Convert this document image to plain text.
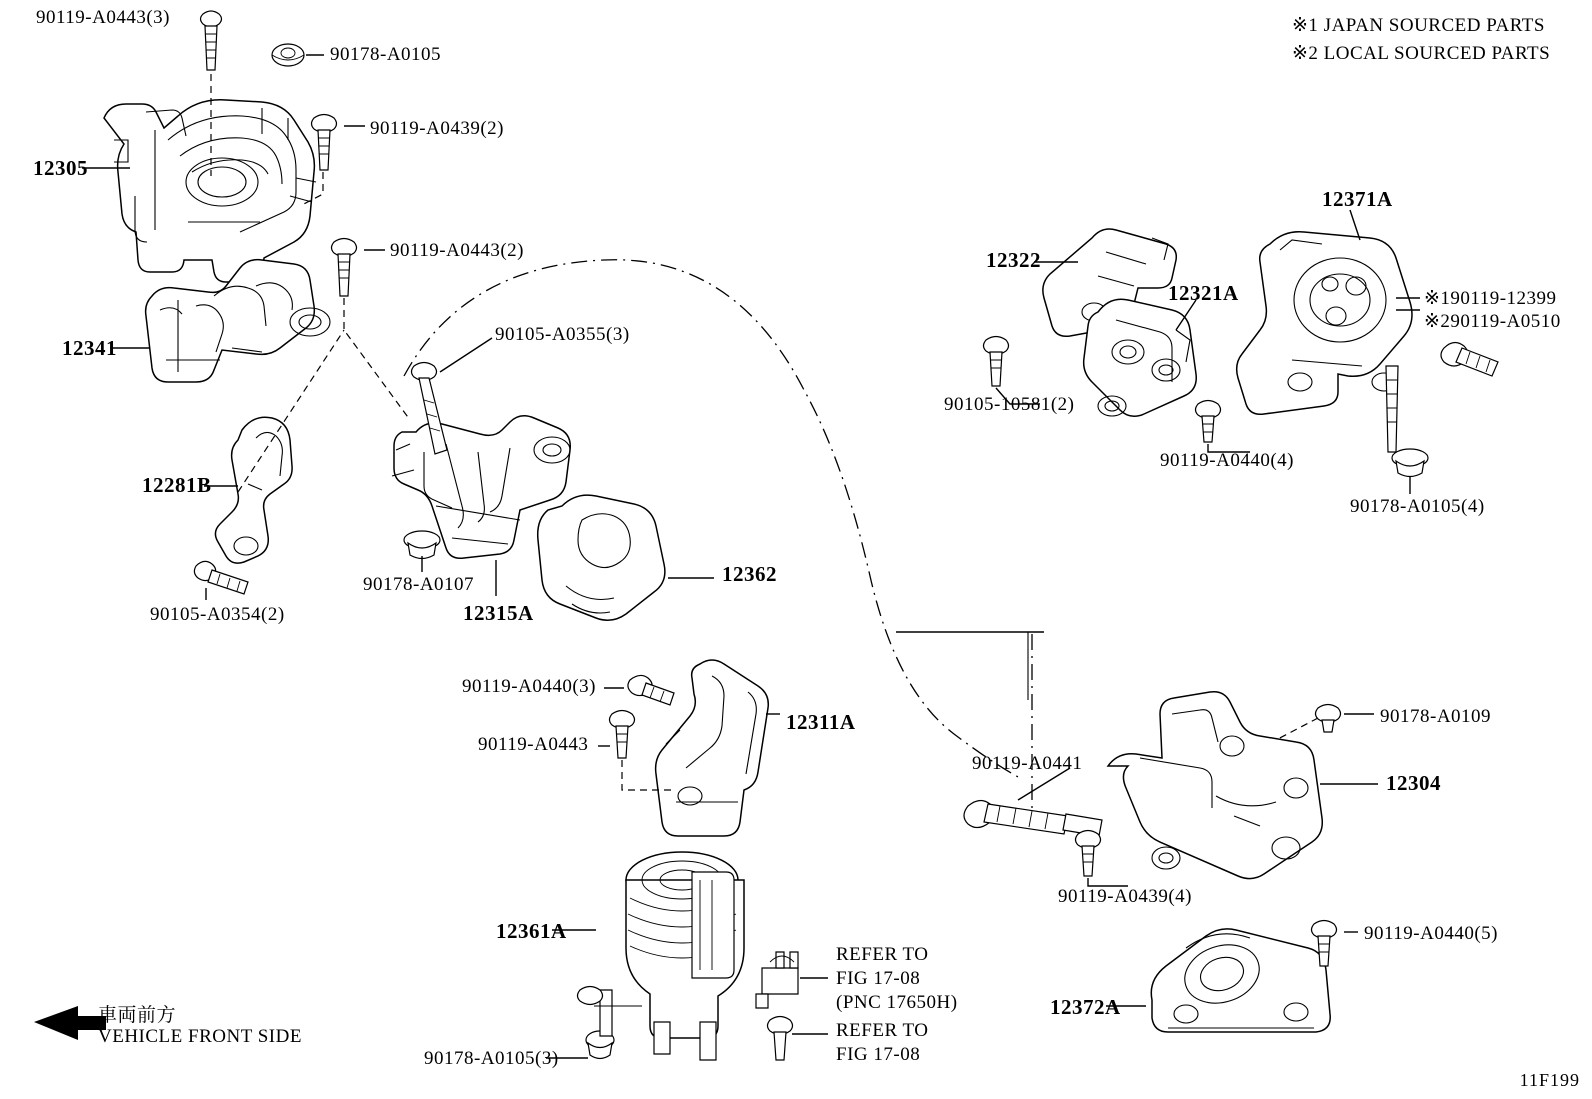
90119-A0443(3)
90178-A0105
90119-A0439(2)
12305
90119-A0443(2)
90105-A0355(3)
12341
12281B
90178-A0107
12315A
12362
90105-A0354(2)
12322
12321A
12371A
※190119-12399
※290119-A0510
90105-10581(2)
90119-A0440(4)
90178-A0105(4)
90119-A0440(3)
12311A
90119-A0443
90119-A0441
90178-A0109
12304
90119-A0439(4)
12361A	90119-A0440(5)
12372A
90178-A0105(3)
※1 JAPAN SOURCED PARTS
※2 LOCAL SOURCED PARTS
REFER TO
FIG 17-08
(PNC 17650H)
REFER TO
FIG 17-08
車両前方
VEHICLE FRONT SIDE
11F199
